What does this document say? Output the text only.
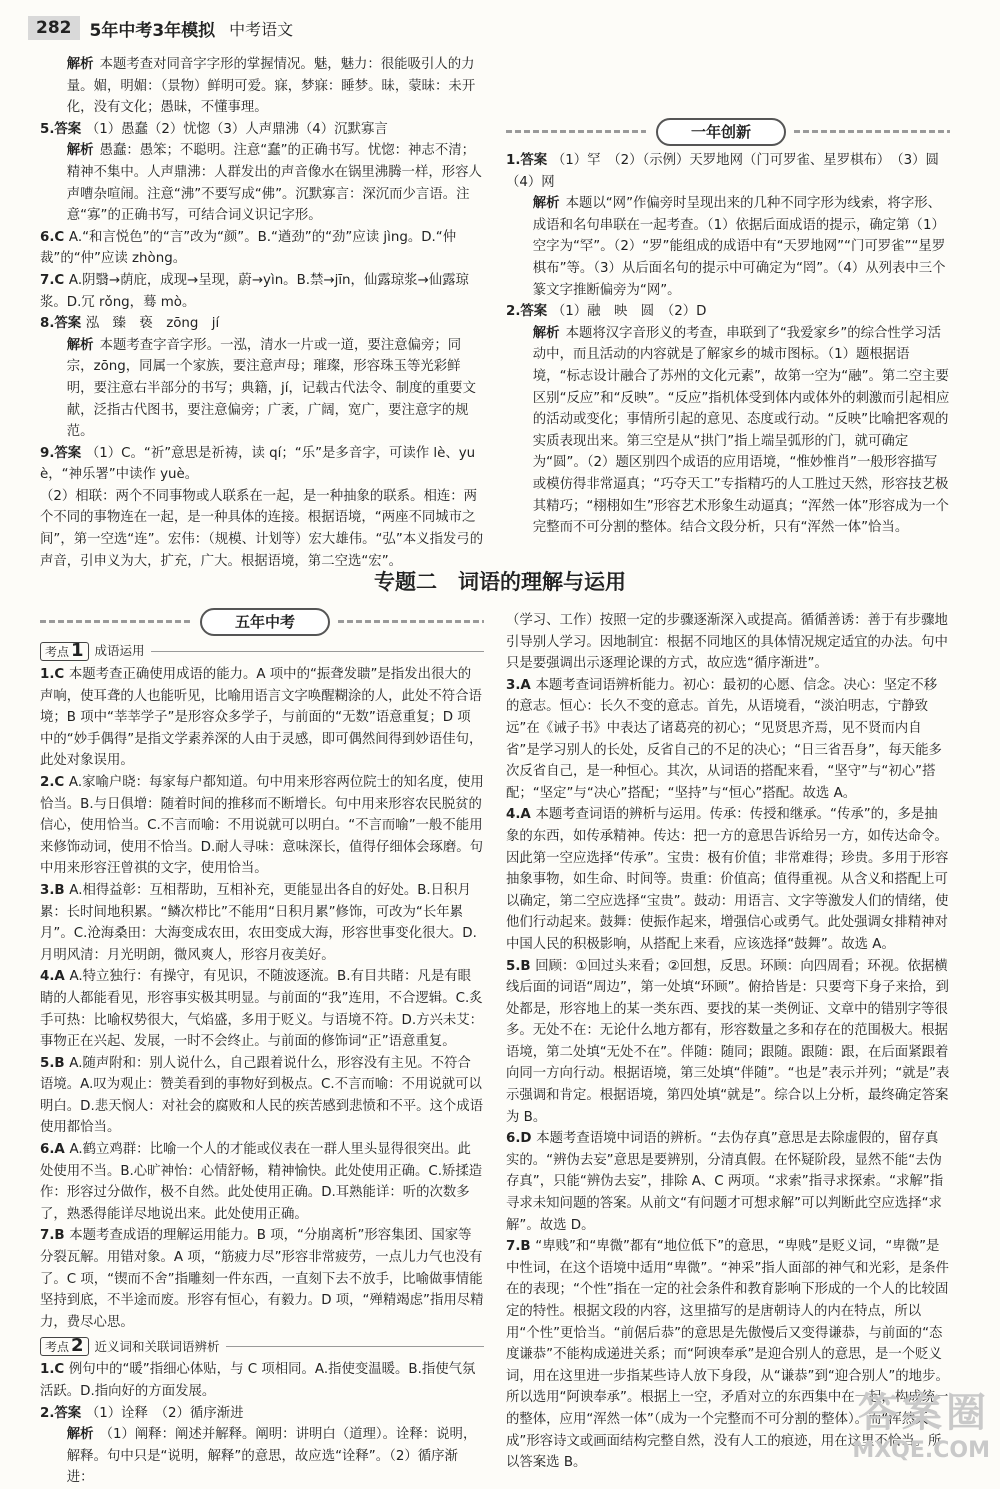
282	5年中考3年模拟 中考语文

解析 本题考查对同音字字形的掌握情况。魅，魅力：很能吸引人的力量。媚，明媚：（景物）鲜明可爱。寐，梦寐：睡梦。昧，蒙昧：未开化，没有文化；愚昧，不懂事理。

5.答案 （1）愚蠢（2）忧惚（3）人声鼎沸（4）沉默寡言

解析 愚蠢：愚笨；不聪明。注意“蠢”的正确书写。忧惚：神志不清；精神不集中。人声鼎沸：人群发出的声音像水在锅里沸腾一样，形容人声嘈杂喧闹。注意“沸”不要写成“佛”。沉默寡言：深沉而少言语。注意“寡”的正确书写，可结合词义识记字形。

6.C A.“和言悦色”的“言”改为“颜”。B.“遒劲”的“劲”应读 jìng。D.“仲裁”的“仲”应读 zhòng。

7.C A.阴翳→荫庇，成现→呈现，蔚→yìn。B.禁→jīn，仙露琼浆→仙露琼浆。D.冗 rǒng，蓦 mò。

8.答案 泓　臻　亵　zōng　jí

解析 本题考查字音字形。一泓，清水一片或一道，要注意偏旁；同宗，zōng，同属一个家族，要注意声母；璀璨，形容珠玉等光彩鲜明，要注意右半部分的书写；典籍，jí，记载古代法令、制度的重要文献，泛指古代图书，要注意偏旁；广袤，广阔，宽广，要注意字的规范。

9.答案 （1）C。“祈”意思是祈祷，读 qí；“乐”是多音字，可读作 lè、yuè，“神乐署”中读作 yuè。

（2）相联：两个不同事物或人联系在一起，是一种抽象的联系。相连：两个不同的事物连在一起，是一种具体的连接。根据语境，“两座不同城市之间”，第一空选“连”。宏伟：（规模、计划等）宏大雄伟。“弘”本义指发弓的声音，引申义为大，扩充，广大。根据语境，第二空选“宏”。

一年创新

1.答案 （1）罕　（2）（示例）天罗地网（门可罗雀、星罗棋布）　（3）圆　（4）网

解析 本题以“网”作偏旁时呈现出来的几种不同字形为线索，将字形、成语和名句串联在一起考查。（1）依据后面成语的提示，确定第（1）空字为“罕”。（2）“罗”能组成的成语中有“天罗地网”“门可罗雀”“星罗棋布”等。（3）从后面名句的提示中可确定为“罔”。（4）从列表中三个篆文字推断偏旁为“网”。

2.答案 （1）融　映　圆　（2）D

解析 本题将汉字音形义的考查，串联到了“我爱家乡”的综合性学习活动中，而且活动的内容就是了解家乡的城市图标。（1）题根据语境，“标志设计融合了苏州的文化元素”，故第一空为“融”。第二空主要区别“反应”和“反映”。“反应”指机体受到体内或体外的刺激而引起相应的活动或变化；事情所引起的意见、态度或行动。“反映”比喻把客观的实质表现出来。第三空是从“拱门”指上端呈弧形的门，就可确定为“圆”。（2）题区别四个成语的应用语境，“惟妙惟肖”一般形容描写或模仿得非常逼真；“巧夺天工”专指精巧的人工胜过天然，形容技艺极其精巧；“栩栩如生”形容艺术形象生动逼真；“浑然一体”形容成为一个完整而不可分割的整体。结合文段分析，只有“浑然一体”恰当。

专题二　词语的理解与运用
五年中考
考点 1 成语运用

1.C 本题考查正确使用成语的能力。A 项中的“振聋发聩”是指发出很大的声响，使耳聋的人也能听见，比喻用语言文字唤醒糊涂的人，此处不符合语境；B 项中“莘莘学子”是形容众多学子，与前面的“无数”语意重复；D 项中的“妙手偶得”是指文学素养深的人由于灵感，即可偶然间得到妙语佳句，此处对象误用。

2.C A.家喻户晓：每家每户都知道。句中用来形容两位院士的知名度，使用恰当。B.与日俱增：随着时间的推移而不断增长。句中用来形容农民脱贫的信心，使用恰当。C.不言而喻：不用说就可以明白。“不言而喻”一般不能用来修饰动词，使用不恰当。D.耐人寻味：意味深长，值得仔细体会琢磨。句中用来形容汪曾祺的文字，使用恰当。

3.B A.相得益彰：互相帮助，互相补充，更能显出各自的好处。B.日积月累：长时间地积累。“鳞次栉比”不能用“日积月累”修饰，可改为“长年累月”。C.沧海桑田：大海变成农田，农田变成大海，形容世事变化很大。D.月明风清：月光明朗，微风爽人，形容月夜美好。

4.A A.特立独行：有操守，有见识，不随波逐流。B.有目共睹：凡是有眼睛的人都能看见，形容事实极其明显。与前面的“我”连用，不合逻辑。C.炙手可热：比喻权势很大，气焰盛，多用于贬义。与语境不符。D.方兴未艾：事物正在兴起、发展，一时不会终止。与前面的修饰词“正”语意重复。

5.B A.随声附和：别人说什么，自己跟着说什么，形容没有主见。不符合语境。A.叹为观止：赞美看到的事物好到极点。C.不言而喻：不用说就可以明白。D.悲天悯人：对社会的腐败和人民的疾苦感到悲愤和不平。这个成语使用都恰当。

6.A A.鹤立鸡群：比喻一个人的才能或仪表在一群人里头显得很突出。此处使用不当。B.心旷神怡：心情舒畅，精神愉快。此处使用正确。C.矫揉造作：形容过分做作，极不自然。此处使用正确。D.耳熟能详：听的次数多了，熟悉得能详尽地说出来。此处使用正确。

7.B 本题考查成语的理解运用能力。B 项，“分崩离析”形容集团、国家等分裂瓦解。用错对象。A 项，“筋疲力尽”形容非常疲劳，一点儿力气也没有了。C 项，“锲而不舍”指雕刻一件东西，一直刻下去不放手，比喻做事情能坚持到底，不半途而废。形容有恒心，有毅力。D 项，“殚精竭虑”指用尽精力，费尽心思。

考点 2 近义词和关联词语辨析

1.C 例句中的“暖”指细心体贴，与 C 项相同。A.指使变温暖。B.指使气氛活跃。D.指向好的方面发展。

2.答案 （1）诠释　（2）循序渐进

解析 （1）阐释：阐述并解释。阐明：讲明白（道理）。诠释：说明，解释。句中只是“说明，解释”的意思，故应选“诠释”。（2）循序渐进：

（学习、工作）按照一定的步骤逐渐深入或提高。循循善诱：善于有步骤地引导别人学习。因地制宜：根据不同地区的具体情况规定适宜的办法。句中只是要强调出示逐理论课的方式，故应选“循序渐进”。

3.A 本题考查词语辨析能力。初心：最初的心愿、信念。决心：坚定不移的意志。恒心：长久不变的意志。首先，从语境看，“淡泊明志，宁静致远”在《诫子书》中表达了诸葛亮的初心；“见贤思齐焉，见不贤而内自省”是学习别人的长处，反省自己的不足的决心；“日三省吾身”，每天能多次反省自己，是一种恒心。其次，从词语的搭配来看，“坚守”与“初心”搭配；“坚定”与“决心”搭配；“坚持”与“恒心”搭配。故选 A。

4.A 本题考查词语的辨析与运用。传承：传授和继承。“传承”的，多是抽象的东西，如传承精神。传达：把一方的意思告诉给另一方，如传达命令。因此第一空应选择“传承”。宝贵：极有价值；非常难得；珍贵。多用于形容抽象事物，如生命、时间等。贵重：价值高；值得重视。从含义和搭配上可以确定，第二空应选择“宝贵”。鼓动：用语言、文字等激发人们的情绪，使他们行动起来。鼓舞：使振作起来，增强信心或勇气。此处强调女排精神对中国人民的积极影响，从搭配上来看，应该选择“鼓舞”。故选 A。

5.B 回顾：①回过头来看；②回想，反思。环顾：向四周看；环视。依据横线后面的词语“周边”，第一处填“环顾”。俯拾皆是：只要弯下身子来拾，到处都是，形容地上的某一类东西、要找的某一类例证、文章中的错别字等很多。无处不在：无论什么地方都有，形容数量之多和存在的范围极大。根据语境，第二处填“无处不在”。伴随：随同；跟随。跟随：跟，在后面紧跟着向同一方向行动。根据语境，第三处填“伴随”。“也是”表示并列；“就是”表示强调和肯定。根据语境，第四处填“就是”。综合以上分析，最终确定答案为 B。

6.D 本题考查语境中词语的辨析。“去伪存真”意思是去除虚假的，留存真实的。“辨伪去妄”意思是要辨别，分清真假。在怀疑阶段，显然不能“去伪存真”，只能“辨伪去妄”，排除 A、C 两项。“求索”指寻求探索。“求解”指寻求未知问题的答案。从前文“有问题才可想求解”可以判断此空应选择“求解”。故选 D。

7.B “卑贱”和“卑微”都有“地位低下”的意思，“卑贱”是贬义词，“卑微”是中性词，在这个语境中适用“卑微”。“神采”指人面部的神气和光彩，是条件在的表现；“个性”指在一定的社会条件和教育影响下形成的一个人的比较固定的特性。根据文段的内容，这里描写的是唐朝诗人的内在特点，所以用“个性”更恰当。“前倨后恭”的意思是先傲慢后又变得谦恭，与前面的“态度谦恭”不能构成递进关系；而“阿谀奉承”是迎合别人的意思，是一个贬义词，用在这里进一步指某些诗人放下身段，从“谦恭”到“迎合别人”的地步。所以选用“阿谀奉承”。根据上一空，矛盾对立的东西集中在一起，构成统一的整体，应用“浑然一体”（成为一个完整而不可分割的整体）。而“浑然天成”形容诗文或画面结构完整自然，没有人工的痕迹，用在这里不恰当。所以答案选 B。

答案圈
MXQE.COM
